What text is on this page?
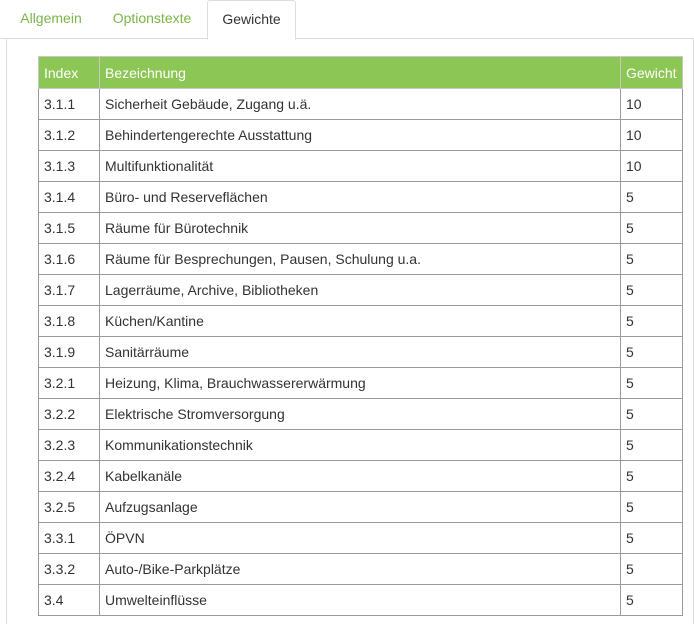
Allgemein	Optionstexte	Gewichte
Index	Bezeichnung	Gewicht
3.1.1	Sicherheit Gebäude, Zugang u.ä.	10
3.1.2	Behindertengerechte Ausstattung	10
3.1.3	Multifunktionalität	10
3.1.4	Büro- und Reserveflächen	5
3.1.5	Räume für Bürotechnik	5
3.1.6	Räume für Besprechungen, Pausen, Schulung u.a.	5
3.1.7	Lagerräume, Archive, Bibliotheken	5
3.1.8	Küchen/Kantine	5
3.1.9	Sanitärräume	5
3.2.1	Heizung, Klima, Brauchwassererwärmung	5
3.2.2	Elektrische Stromversorgung	5
3.2.3	Kommunikationstechnik	5
3.2.4	Kabelkanäle	5
3.2.5	Aufzugsanlage	5
3.3.1	ÖPVN	5
3.3.2	Auto-/Bike-Parkplätze	5
3.4	Umwelteinflüsse	5
